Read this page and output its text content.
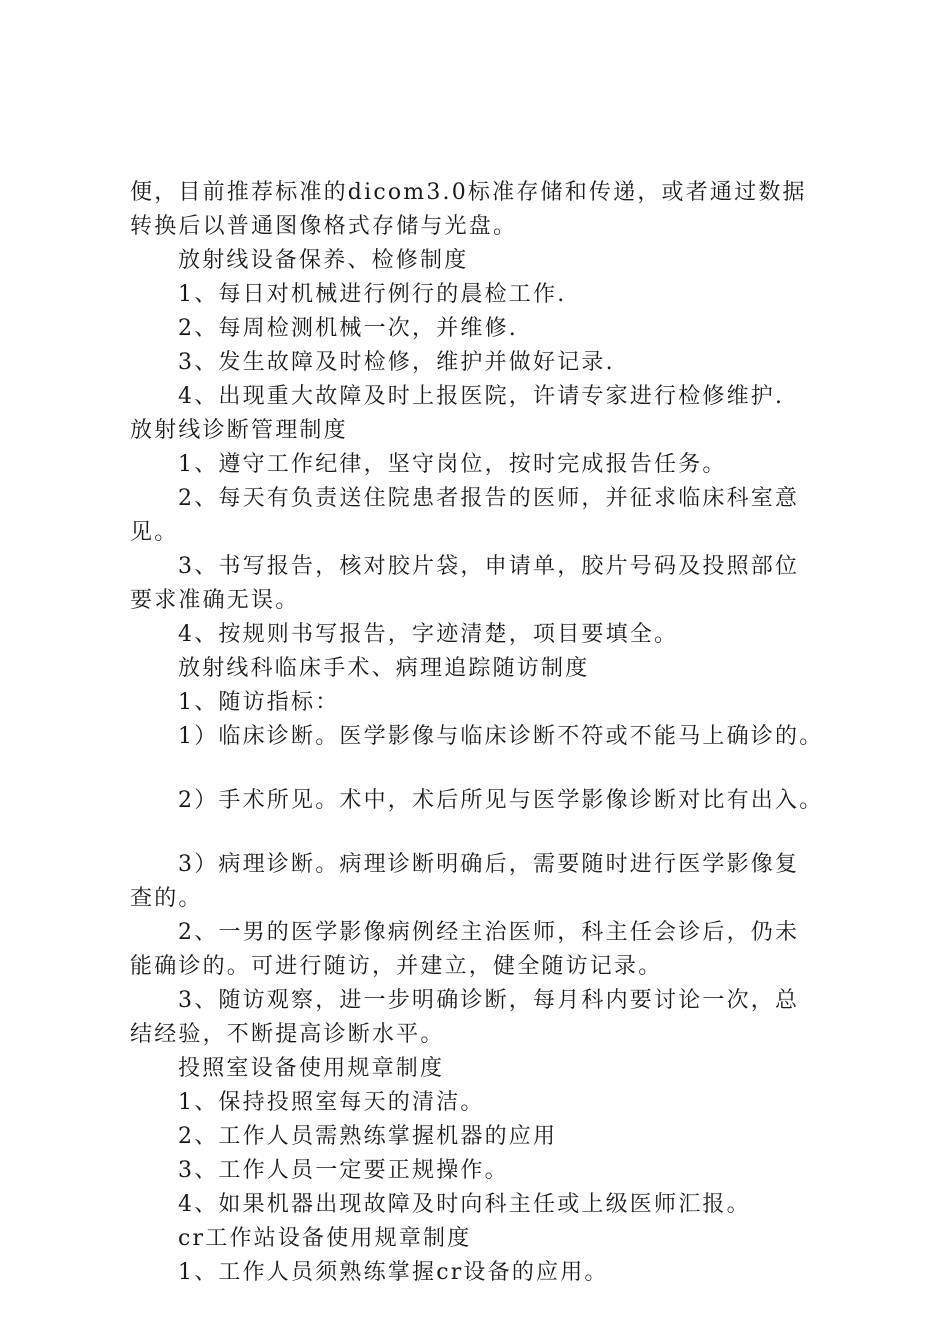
便，目前推荐标准的dicom3.0标准存储和传递，或者通过数据
转换后以普通图像格式存储与光盘。
放射线设备保养、检修制度
1、每日对机械进行例行的晨检工作.
2、每周检测机械一次，并维修.
3、发生故障及时检修，维护并做好记录.
4、出现重大故障及时上报医院，许请专家进行检修维护.
放射线诊断管理制度
1、遵守工作纪律，坚守岗位，按时完成报告任务。
2、每天有负责送住院患者报告的医师，并征求临床科室意
见。
3、书写报告，核对胶片袋，申请单，胶片号码及投照部位
要求准确无误。
4、按规则书写报告，字迹清楚，项目要填全。
放射线科临床手术、病理追踪随访制度
1、随访指标：
1）临床诊断。医学影像与临床诊断不符或不能马上确诊的。
2）手术所见。术中，术后所见与医学影像诊断对比有出入。
3）病理诊断。病理诊断明确后，需要随时进行医学影像复
查的。
2、一男的医学影像病例经主治医师，科主任会诊后，仍未
能确诊的。可进行随访，并建立，健全随访记录。
3、随访观察，进一步明确诊断，每月科内要讨论一次，总
结经验，不断提高诊断水平。
投照室设备使用规章制度
1、保持投照室每天的清洁。
2、工作人员需熟练掌握机器的应用
3、工作人员一定要正规操作。
4、如果机器出现故障及时向科主任或上级医师汇报。
cr工作站设备使用规章制度
1、工作人员须熟练掌握cr设备的应用。
